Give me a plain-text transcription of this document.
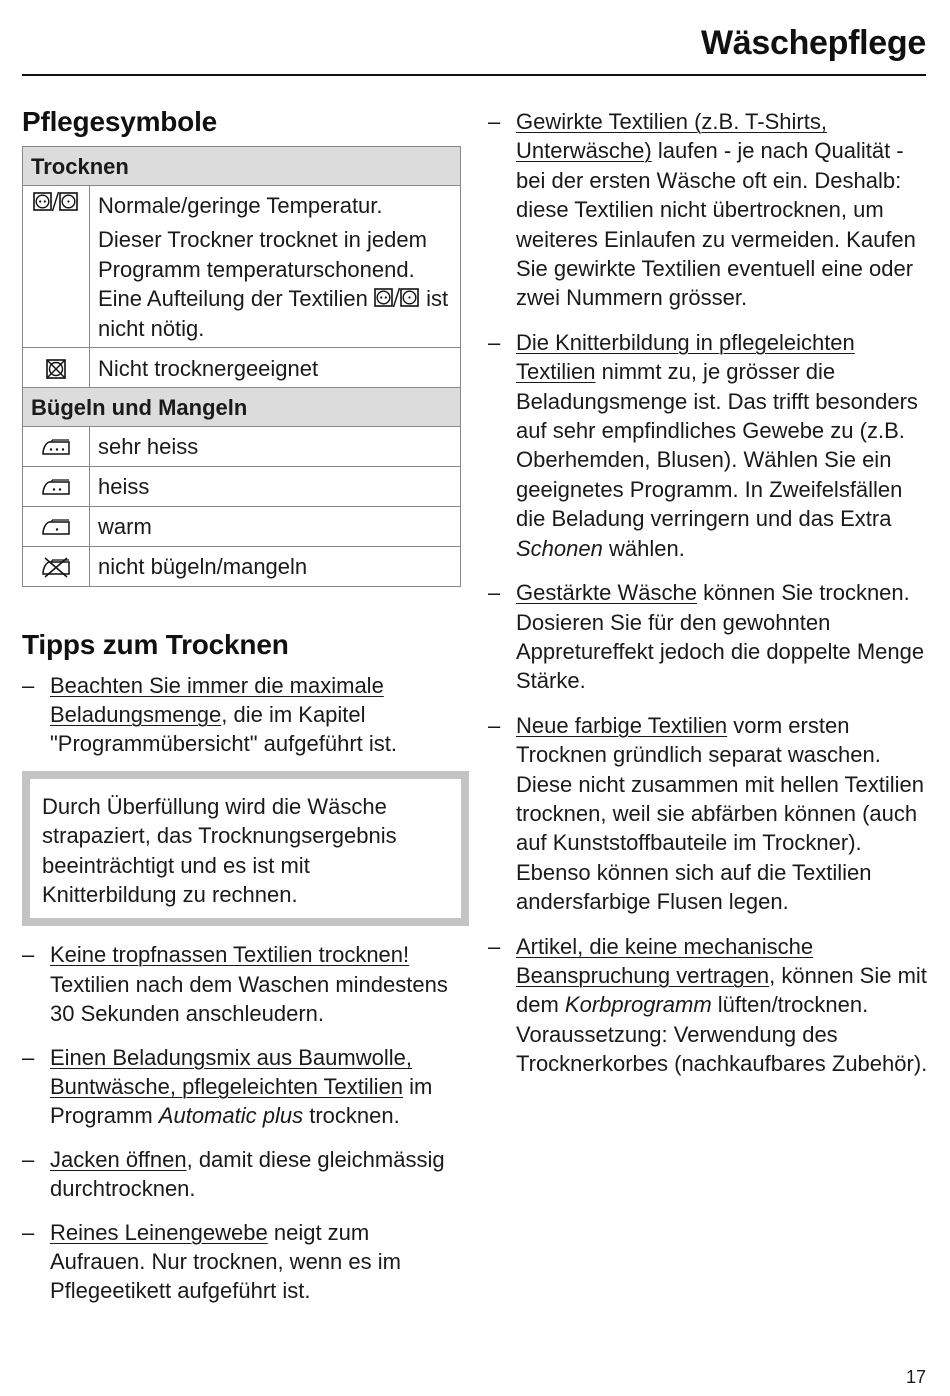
Wäschepflege
Pflegesymbole
Trocknen	

Normale/geringe Temperatur.
Dieser Trockner trocknet in jedem Programm temperaturschonend. Eine Aufteilung der Textilien ist nicht nötig.

	Nicht trocknergeeignet
Bügeln und Mangeln	
	sehr heiss
	heiss
	warm
	nicht bügeln/mangeln
Tipps zum Trocknen
– Beachten Sie immer die maximale Beladungsmenge, die im Kapitel "Programmübersicht" aufgeführt ist.
Durch Überfüllung wird die Wäsche strapaziert, das Trocknungsergebnis beeinträchtigt und es ist mit Knitterbildung zu rechnen.
– Keine tropfnassen Textilien trocknen! Textilien nach dem Waschen mindestens 30 Sekunden anschleudern.
– Einen Beladungsmix aus Baumwolle, Buntwäsche, pflegeleichten Textilien im Programm Automatic plus trocknen.
– Jacken öffnen, damit diese gleichmässig durchtrocknen.
– Reines Leinengewebe neigt zum Aufrauen. Nur trocknen, wenn es im Pflegeetikett aufgeführt ist.
– Gewirkte Textilien (z.B. T-Shirts, Unterwäsche) laufen - je nach Qualität - bei der ersten Wäsche oft ein. Deshalb: diese Textilien nicht übertrocknen, um weiteres Einlaufen zu vermeiden. Kaufen Sie gewirkte Textilien eventuell eine oder zwei Nummern grösser.
– Die Knitterbildung in pflegeleichten Textilien nimmt zu, je grösser die Beladungsmenge ist. Das trifft besonders auf sehr empfindliches Gewebe zu (z.B. Oberhemden, Blusen). Wählen Sie ein geeignetes Programm. In Zweifelsfällen die Beladung verringern und das Extra Schonen wählen.
– Gestärkte Wäsche können Sie trocknen. Dosieren Sie für den gewohnten Appretureffekt jedoch die doppelte Menge Stärke.
– Neue farbige Textilien vorm ersten Trocknen gründlich separat waschen. Diese nicht zusammen mit hellen Textilien trocknen, weil sie abfärben können (auch auf Kunststoffbauteile im Trockner). Ebenso können sich auf die Textilien andersfarbige Flusen legen.
– Artikel, die keine mechanische Beanspruchung vertragen, können Sie mit dem Korbprogramm lüften/trocknen. Voraussetzung: Verwendung des Trocknerkorbes (nachkaufbares Zubehör).
17
